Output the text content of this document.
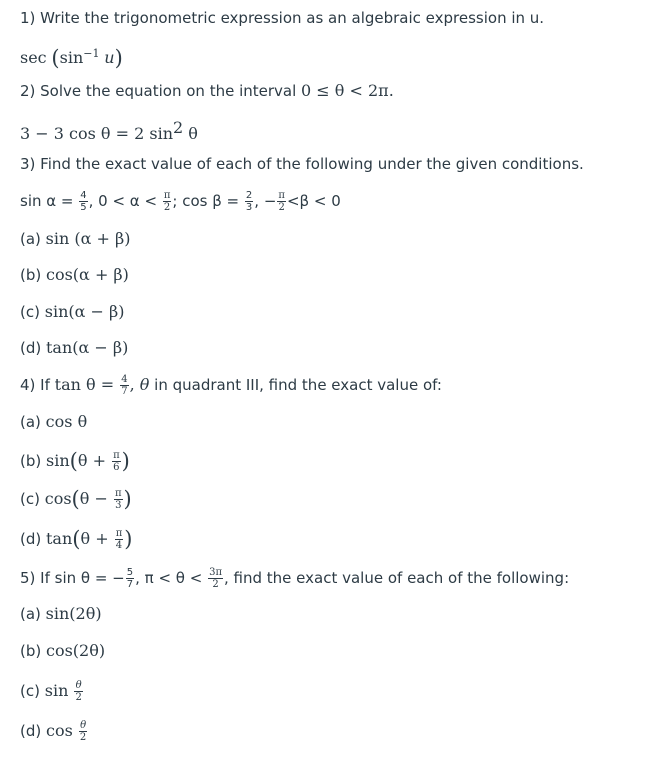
1) Write the trigonometric expression as an algebraic expression in u.
$\sec (\sin^{-1}$ u)
2) Solve the equation on the interval 0 ≤ θ < 2π.
3 − 3 cos θ = 2 $\sin^2 \theta$
3) Find the exact value of each of the following under the given conditions.
$\sin \alpha = \frac{4}{5}$ , $0 < \alpha < \frac{\pi}{2}$ ; $\cos \beta = \frac{2}{3}$ , − $\frac{\pi}{2} <\beta < 0$
(a) sin (α + β)
(b) cos(α + β)
(c) sin(α − β)
(d) tan(α − β)
4) If $\tan \theta = \frac{4}{7}$ , θ in quadrant III, find the exact value of:
(a) cos θ
(b) $\sin(\theta + \frac{\pi}{6}$ )
(c) $\cos(\theta - \frac{\pi}{3}$ )
(d) $\tan(\theta + \frac{\pi}{4}$ )
5) If sin θ = − $\frac{5}{7}$ , $\pi < \theta < \frac{3\pi}{2}$ , find the exact value of each of the following:
(a) sin(2θ)
(b) cos(2θ)
(c) $\sin \frac{\theta}{2}$
(d) $\cos \frac{\theta}{2}$
